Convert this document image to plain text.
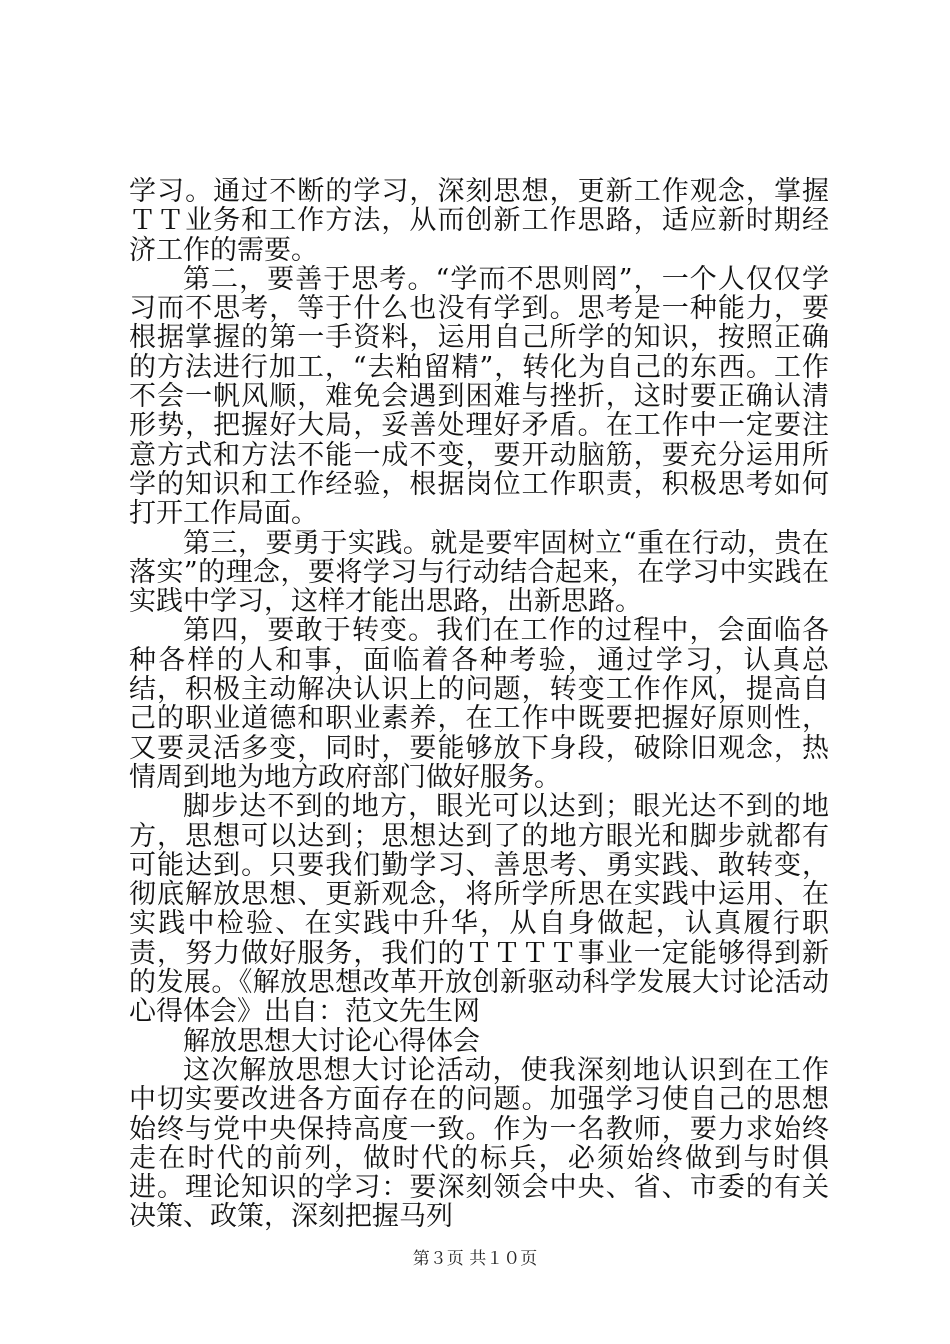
学习。通过不断的学习，深刻思想，更新工作观念，掌握ＴＴ业务和工作方法，从而创新工作思路，适应新时期经济工作的需要。

第二，要善于思考。“学而不思则罔”，一个人仅仅学习而不思考，等于什么也没有学到。思考是一种能力，要根据掌握的第一手资料，运用自己所学的知识，按照正确的方法进行加工，“去粕留精”，转化为自己的东西。工作不会一帆风顺，难免会遇到困难与挫折，这时要正确认清形势，把握好大局，妥善处理好矛盾。在工作中一定要注意方式和方法不能一成不变，要开动脑筋，要充分运用所学的知识和工作经验，根据岗位工作职责，积极思考如何打开工作局面。

第三，要勇于实践。就是要牢固树立“重在行动，贵在落实”的理念，要将学习与行动结合起来，在学习中实践在实践中学习，这样才能出思路，出新思路。

第四，要敢于转变。我们在工作的过程中，会面临各种各样的人和事，面临着各种考验，通过学习，认真总结，积极主动解决认识上的问题，转变工作作风，提高自己的职业道德和职业素养，在工作中既要把握好原则性，又要灵活多变，同时，要能够放下身段，破除旧观念，热情周到地为地方政府部门做好服务。

脚步达不到的地方，眼光可以达到；眼光达不到的地方，思想可以达到；思想达到了的地方眼光和脚步就都有可能达到。只要我们勤学习、善思考、勇实践、敢转变，彻底解放思想、更新观念，将所学所思在实践中运用、在实践中检验、在实践中升华，从自身做起，认真履行职责，努力做好服务，我们的ＴＴＴＴ事业一定能够得到新的发展。《解放思想改革开放创新驱动科学发展大讨论活动心得体会》出自：范文先生网

解放思想大讨论心得体会

这次解放思想大讨论活动，使我深刻地认识到在工作中切实要改进各方面存在的问题。加强学习使自己的思想始终与党中央保持高度一致。作为一名教师，要力求始终走在时代的前列，做时代的标兵，必须始终做到与时俱进。理论知识的学习：要深刻领会中央、省、市委的有关决策、政策，深刻把握马列

第３页 共１０页
